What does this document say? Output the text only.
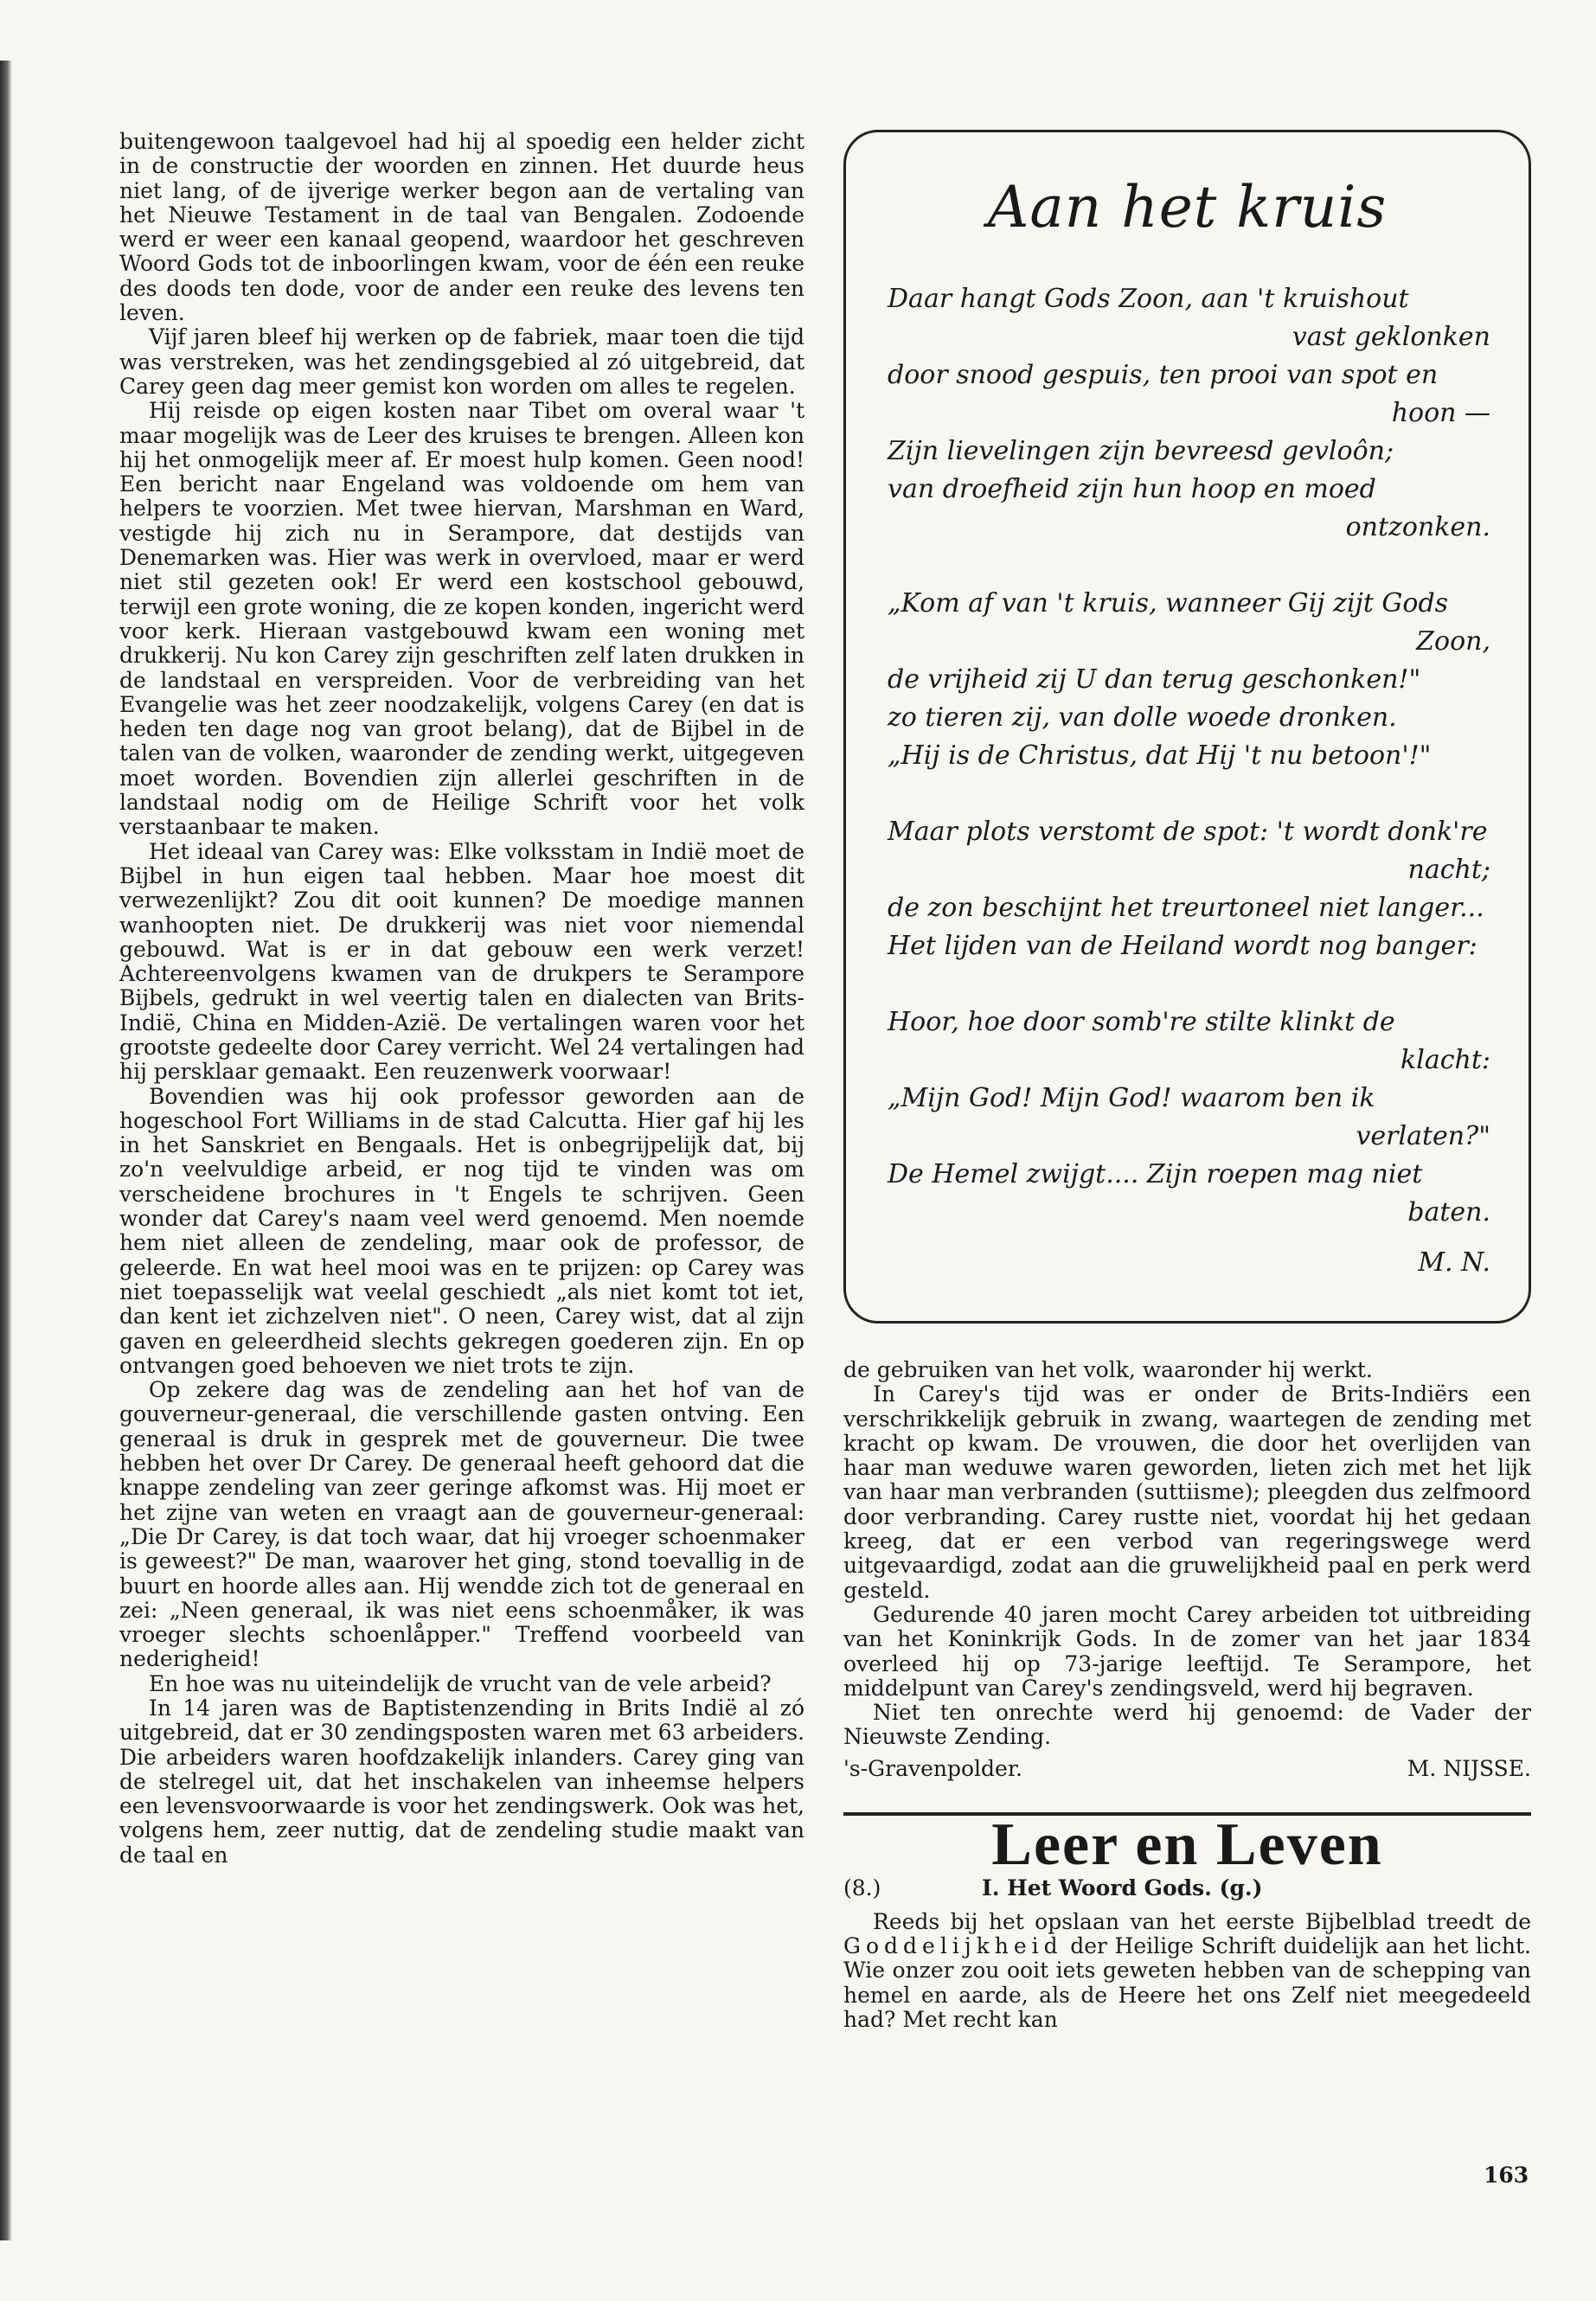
buitengewoon taalgevoel had hij al spoedig een helder zicht in de constructie der woorden en zinnen. Het duurde heus niet lang, of de ijverige werker begon aan de vertaling van het Nieuwe Testament in de taal van Bengalen. Zodoende werd er weer een kanaal geopend, waardoor het geschreven Woord Gods tot de inboorlingen kwam, voor de één een reuke des doods ten dode, voor de ander een reuke des levens ten leven.

Vijf jaren bleef hij werken op de fabriek, maar toen die tijd was verstreken, was het zendingsgebied al zó uitgebreid, dat Carey geen dag meer gemist kon worden om alles te regelen.

Hij reisde op eigen kosten naar Tibet om overal waar 't maar mogelijk was de Leer des kruises te brengen. Alleen kon hij het onmogelijk meer af. Er moest hulp komen. Geen nood! Een bericht naar Engeland was voldoende om hem van helpers te voorzien. Met twee hiervan, Marshman en Ward, vestigde hij zich nu in Serampore, dat destijds van Denemarken was. Hier was werk in overvloed, maar er werd niet stil gezeten ook! Er werd een kostschool gebouwd, terwijl een grote woning, die ze kopen konden, ingericht werd voor kerk. Hieraan vastgebouwd kwam een woning met drukkerij. Nu kon Carey zijn geschriften zelf laten drukken in de landstaal en verspreiden. Voor de verbreiding van het Evangelie was het zeer noodzakelijk, volgens Carey (en dat is heden ten dage nog van groot belang), dat de Bijbel in de talen van de volken, waaronder de zending werkt, uitgegeven moet worden. Bovendien zijn allerlei geschriften in de landstaal nodig om de Heilige Schrift voor het volk verstaanbaar te maken.

Het ideaal van Carey was: Elke volksstam in Indië moet de Bijbel in hun eigen taal hebben. Maar hoe moest dit verwezenlijkt? Zou dit ooit kunnen? De moedige mannen wanhoopten niet. De drukkerij was niet voor niemendal gebouwd. Wat is er in dat gebouw een werk verzet! Achtereenvolgens kwamen van de drukpers te Serampore Bijbels, gedrukt in wel veertig talen en dialecten van Brits-Indië, China en Midden-Azië. De vertalingen waren voor het grootste gedeelte door Carey verricht. Wel 24 vertalingen had hij persklaar gemaakt. Een reuzenwerk voorwaar!

Bovendien was hij ook professor geworden aan de hogeschool Fort Williams in de stad Calcutta. Hier gaf hij les in het Sanskriet en Bengaals. Het is onbegrijpelijk dat, bij zo'n veelvuldige arbeid, er nog tijd te vinden was om verscheidene brochures in 't Engels te schrijven. Geen wonder dat Carey's naam veel werd genoemd. Men noemde hem niet alleen de zendeling, maar ook de professor, de geleerde. En wat heel mooi was en te prijzen: op Carey was niet toepasselijk wat veelal geschiedt „als niet komt tot iet, dan kent iet zichzelven niet". O neen, Carey wist, dat al zijn gaven en geleerdheid slechts gekregen goederen zijn. En op ontvangen goed behoeven we niet trots te zijn.

Op zekere dag was de zendeling aan het hof van de gouverneur-generaal, die verschillende gasten ontving. Een generaal is druk in gesprek met de gouverneur. Die twee hebben het over Dr Carey. De generaal heeft gehoord dat die knappe zendeling van zeer geringe afkomst was. Hij moet er het zijne van weten en vraagt aan de gouverneur-generaal: „Die Dr Carey, is dat toch waar, dat hij vroeger schoenmaker is geweest?" De man, waarover het ging, stond toevallig in de buurt en hoorde alles aan. Hij wendde zich tot de generaal en zei: „Neen generaal, ik was niet eens schoenmåker, ik was vroeger slechts schoenlåpper." Treffend voorbeeld van nederigheid!

En hoe was nu uiteindelijk de vrucht van de vele arbeid?

In 14 jaren was de Baptistenzending in Brits Indië al zó uitgebreid, dat er 30 zendingsposten waren met 63 arbeiders. Die arbeiders waren hoofdzakelijk inlanders. Carey ging van de stelregel uit, dat het inschakelen van inheemse helpers een levensvoorwaarde is voor het zendingswerk. Ook was het, volgens hem, zeer nuttig, dat de zendeling studie maakt van de taal en

Aan het kruis
Daar hangt Gods Zoon, aan 't kruishout
vast geklonken
door snood gespuis, ten prooi van spot en
hoon —
Zijn lievelingen zijn bevreesd gevloôn;
van droefheid zijn hun hoop en moed
ontzonken.
„Kom af van 't kruis, wanneer Gij zijt Gods
Zoon,
de vrijheid zij U dan terug geschonken!"
zo tieren zij, van dolle woede dronken.
„Hij is de Christus, dat Hij 't nu betoon'!"
Maar plots verstomt de spot: 't wordt donk're
nacht;
de zon beschijnt het treurtoneel niet langer...
Het lijden van de Heiland wordt nog banger:
Hoor, hoe door somb're stilte klinkt de
klacht:
„Mijn God! Mijn God! waarom ben ik
verlaten?"
De Hemel zwijgt.... Zijn roepen mag niet
baten.
M. N.

de gebruiken van het volk, waaronder hij werkt.

In Carey's tijd was er onder de Brits-Indiërs een verschrikkelijk gebruik in zwang, waartegen de zending met kracht op kwam. De vrouwen, die door het overlijden van haar man weduwe waren geworden, lieten zich met het lijk van haar man verbranden (suttiisme); pleegden dus zelfmoord door verbranding. Carey rustte niet, voordat hij het gedaan kreeg, dat er een verbod van regeringswege werd uitgevaardigd, zodat aan die gruwelijkheid paal en perk werd gesteld.

Gedurende 40 jaren mocht Carey arbeiden tot uitbreiding van het Koninkrijk Gods. In de zomer van het jaar 1834 overleed hij op 73-jarige leeftijd. Te Serampore, het middelpunt van Carey's zendingsveld, werd hij begraven.

Niet ten onrechte werd hij genoemd: de Vader der Nieuwste Zending.

's-Gravenpolder.	M. NIJSSE.
Leer en Leven
(8.)	I. Het Woord Gods. (g.)

Reeds bij het opslaan van het eerste Bijbelblad treedt de Goddelijkheid der Heilige Schrift duidelijk aan het licht. Wie onzer zou ooit iets geweten hebben van de schepping van hemel en aarde, als de Heere het ons Zelf niet meegedeeld had? Met recht kan

163
